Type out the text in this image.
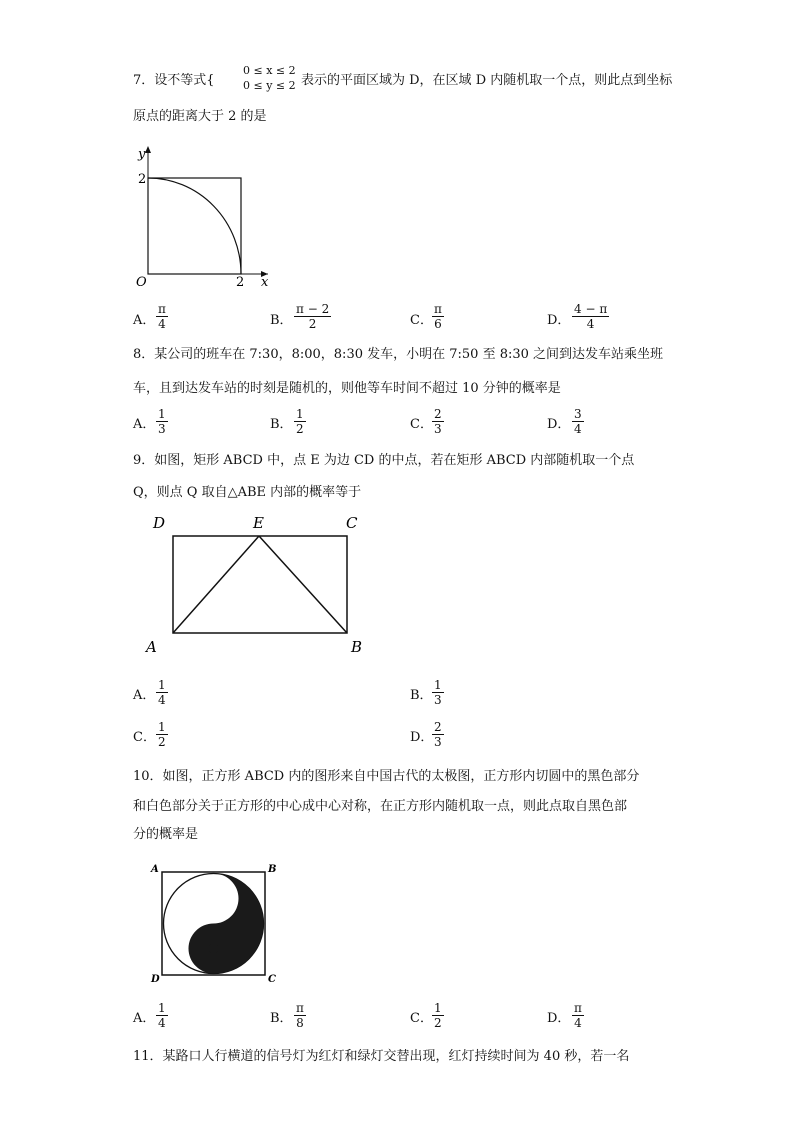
7．设不等式{
0 ≤ x ≤ 2
0 ≤ y ≤ 2 表示的平面区域为 D，在区域 D 内随机取一个点，则此点到坐标
原点的距离大于 2 的是
y
2
O	2 x
A． $\frac{\pi}{4}$	B． $\frac{\pi - 2}{2}$	C． $\frac{\pi}{6}$	D． $\frac{4 - \pi}{4}$
8．某公司的班车在 7:30，8:00，8:30 发车，小明在 7:50 至 8:30 之间到达发车站乘坐班
车，且到达发车站的时刻是随机的，则他等车时间不超过 10 分钟的概率是
A． $\frac{1}{3}$	B． $\frac{1}{2}$	C． $\frac{2}{3}$	D． $\frac{3}{4}$
9．如图，矩形 ABCD 中，点 E 为边 CD 的中点，若在矩形 ABCD 内部随机取一个点
Q，则点 Q 取自△ABE 内部的概率等于
D	E	C
A	B
A． $\frac{1}{4}$	B． $\frac{1}{3}$
C． $\frac{1}{2}$	D．
$\frac{2}{3}$
10．如图，正方形 ABCD 内的图形来自中国古代的太极图，正方形内切圆中的黑色部分
和白色部分关于正方形的中心成中心对称，在正方形内随机取一点，则此点取自黑色部
分的概率是
A	B
D	C
A． $\frac{1}{4}$	B． $\frac{\pi}{8}$	C． $\frac{1}{2}$	D． $\frac{\pi}{4}$
11．某路口人行横道的信号灯为红灯和绿灯交替出现，红灯持续时间为 40 秒，若一名
